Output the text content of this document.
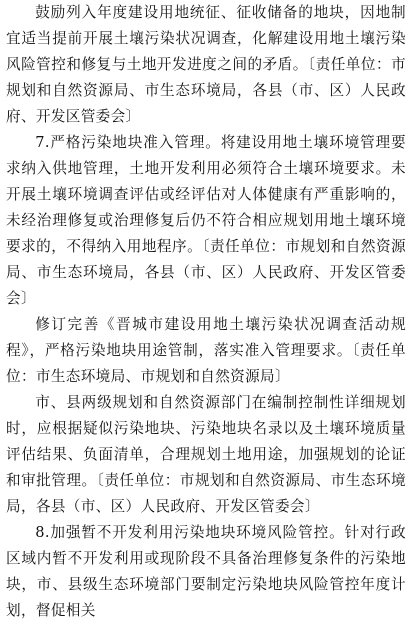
鼓励列入年度建设用地统征、征收储备的地块，因地制宜适当提前开展土壤污染状况调查，化解建设用地土壤污染风险管控和修复与土地开发进度之间的矛盾。〔责任单位：市规划和自然资源局、市生态环境局，各县（市、区）人民政府、开发区管委会〕

7.严格污染地块准入管理。将建设用地土壤环境管理要求纳入供地管理，土地开发利用必须符合土壤环境要求。未开展土壤环境调查评估或经评估对人体健康有严重影响的，未经治理修复或治理修复后仍不符合相应规划用地土壤环境要求的，不得纳入用地程序。〔责任单位：市规划和自然资源局、市生态环境局，各县（市、区）人民政府、开发区管委会〕

修订完善《晋城市建设用地土壤污染状况调查活动规程》，严格污染地块用途管制，落实准入管理要求。〔责任单位：市生态环境局、市规划和自然资源局〕

市、县两级规划和自然资源部门在编制控制性详细规划时，应根据疑似污染地块、污染地块名录以及土壤环境质量评估结果、负面清单，合理规划土地用途，加强规划的论证和审批管理。〔责任单位：市规划和自然资源局、市生态环境局，各县（市、区）人民政府、开发区管委会〕

8.加强暂不开发利用污染地块环境风险管控。针对行政区域内暂不开发利用或现阶段不具备治理修复条件的污染地块，市、县级生态环境部门要制定污染地块风险管控年度计划，督促相关
